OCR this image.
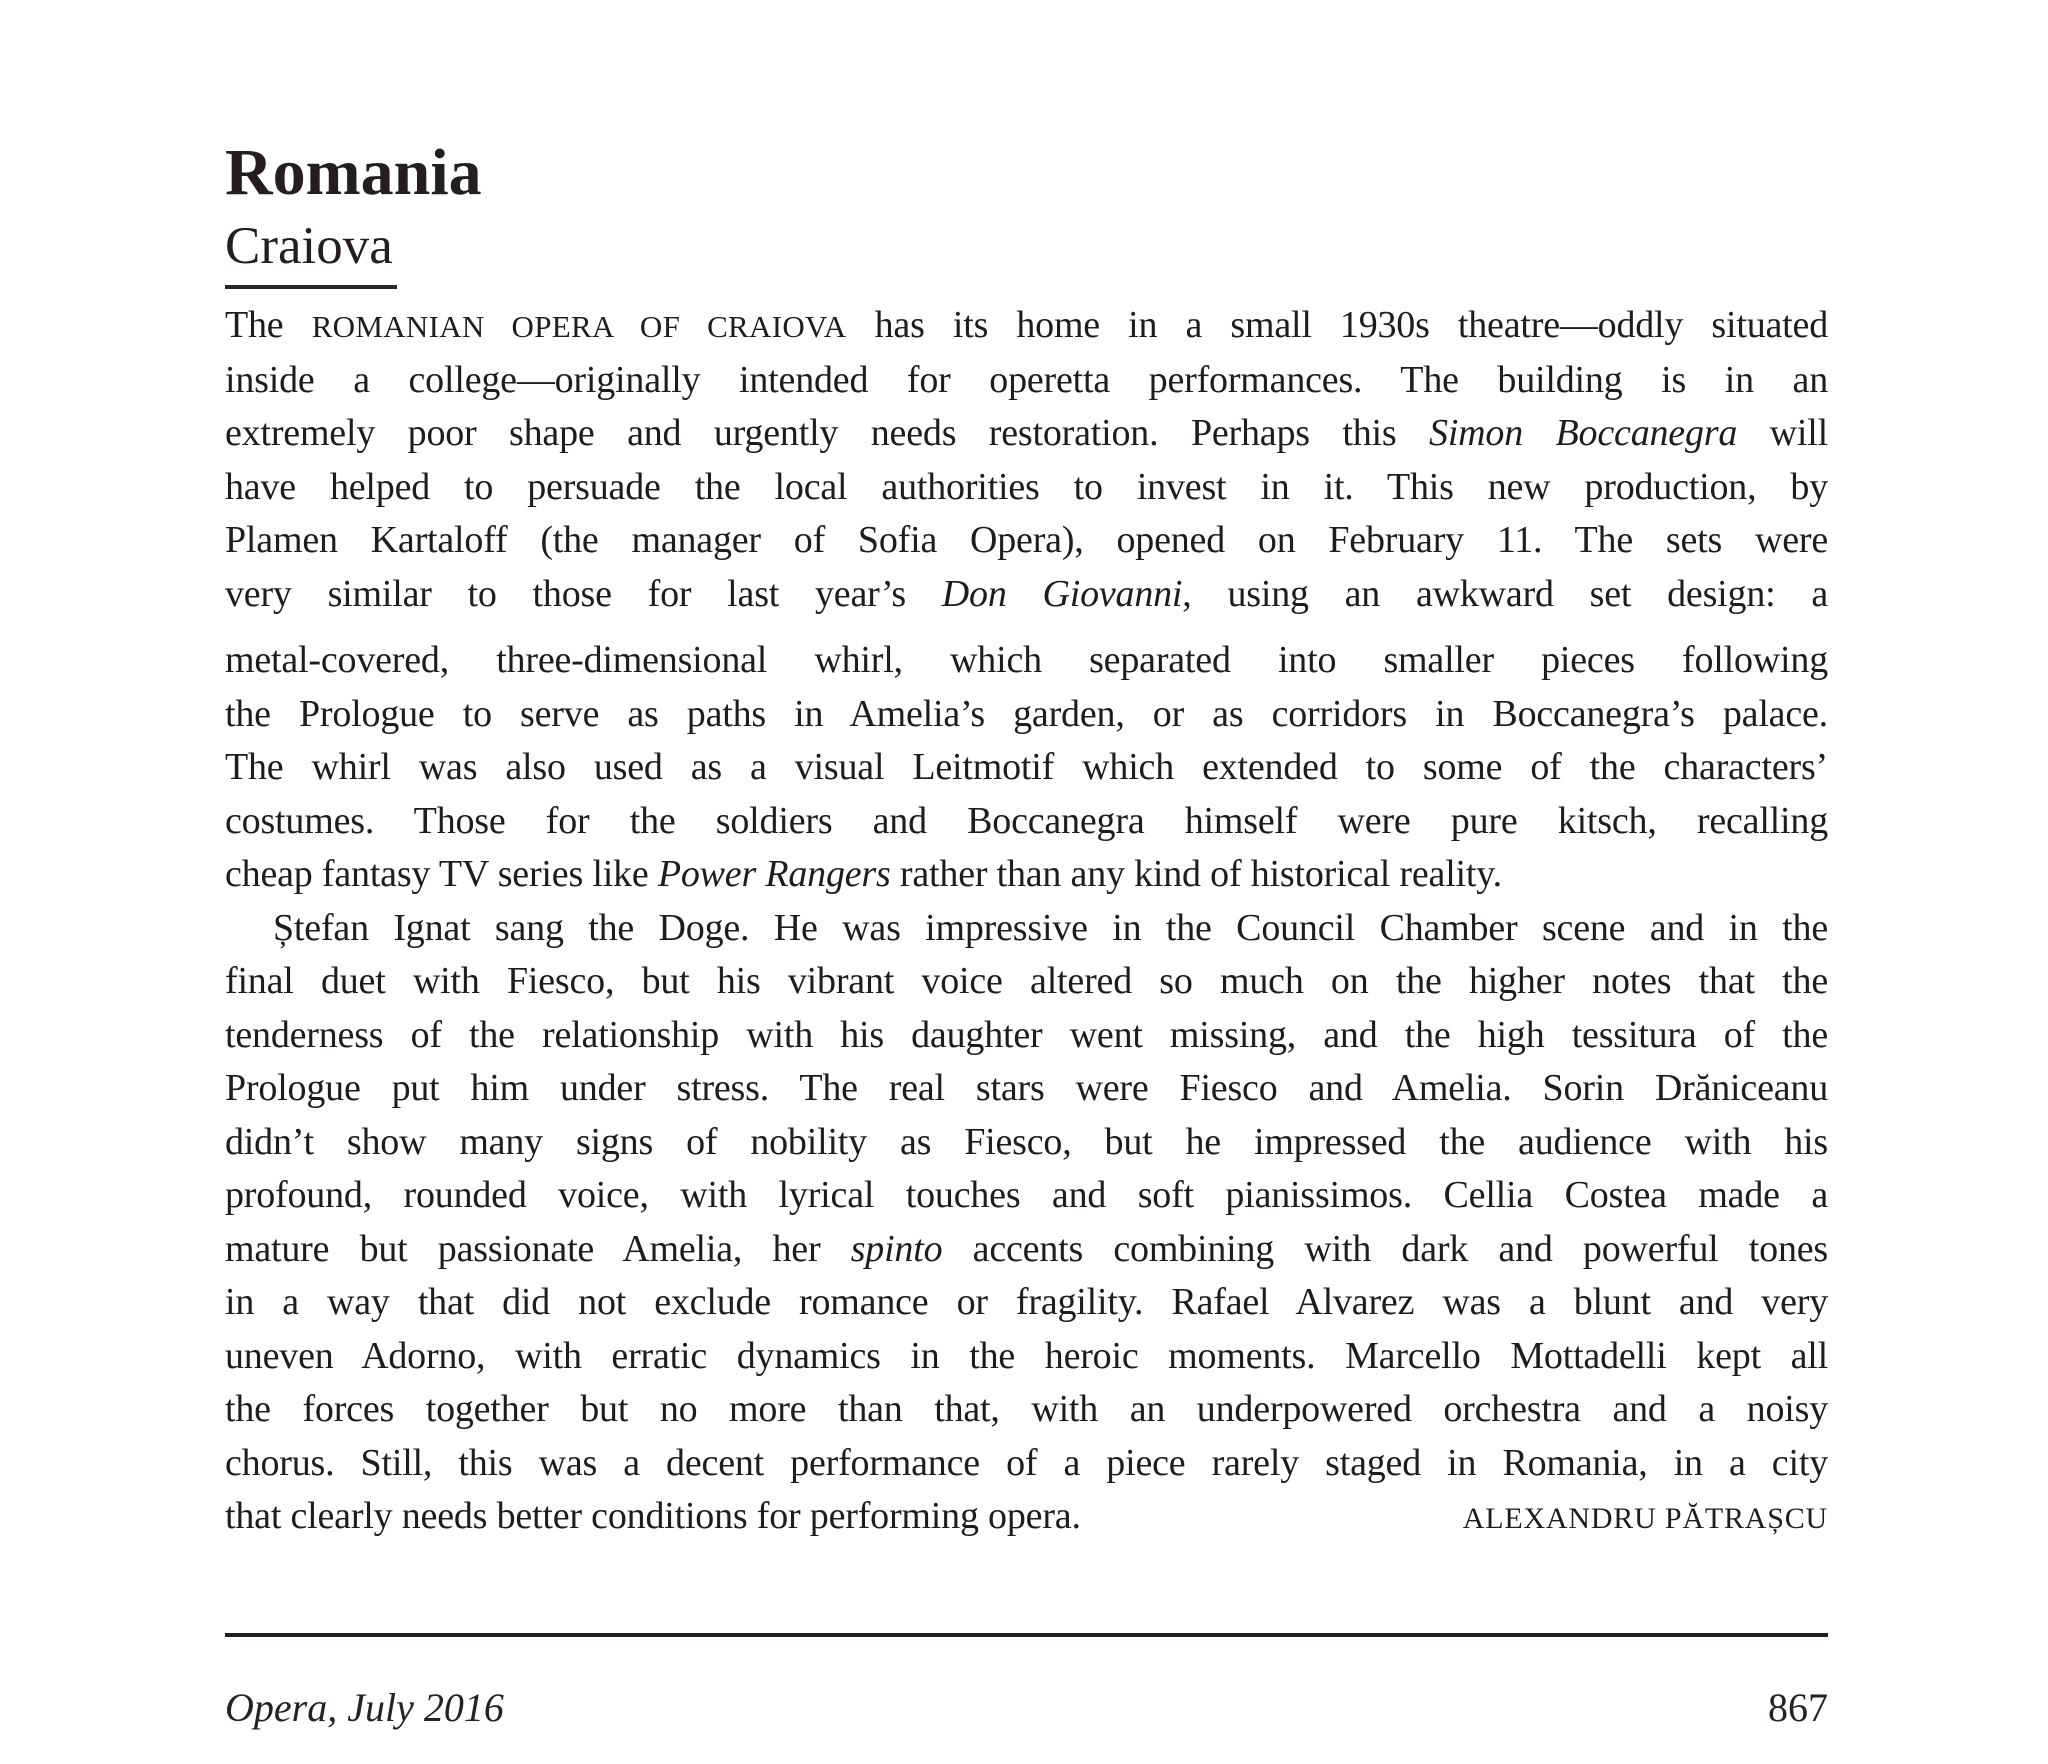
Romania
Craiova
The ROMANIAN OPERA OF CRAIOVA has its home in a small 1930s theatre—oddly situated
inside a college—originally intended for operetta performances. The building is in an
extremely poor shape and urgently needs restoration. Perhaps this Simon Boccanegra will
have helped to persuade the local authorities to invest in it. This new production, by
Plamen Kartaloff (the manager of Sofia Opera), opened on February 11. The sets were
very similar to those for last year’s Don Giovanni, using an awkward set design: a
metal-covered, three-dimensional whirl, which separated into smaller pieces following
the Prologue to serve as paths in Amelia’s garden, or as corridors in Boccanegra’s palace.
The whirl was also used as a visual Leitmotif which extended to some of the characters’
costumes. Those for the soldiers and Boccanegra himself were pure kitsch, recalling
cheap fantasy TV series like Power Rangers rather than any kind of historical reality.
Ștefan Ignat sang the Doge. He was impressive in the Council Chamber scene and in the
final duet with Fiesco, but his vibrant voice altered so much on the higher notes that the
tenderness of the relationship with his daughter went missing, and the high tessitura of the
Prologue put him under stress. The real stars were Fiesco and Amelia. Sorin Drăniceanu
didn’t show many signs of nobility as Fiesco, but he impressed the audience with his
profound, rounded voice, with lyrical touches and soft pianissimos. Cellia Costea made a
mature but passionate Amelia, her spinto accents combining with dark and powerful tones
in a way that did not exclude romance or fragility. Rafael Alvarez was a blunt and very
uneven Adorno, with erratic dynamics in the heroic moments. Marcello Mottadelli kept all
the forces together but no more than that, with an underpowered orchestra and a noisy
chorus. Still, this was a decent performance of a piece rarely staged in Romania, in a city
that clearly needs better conditions for performing opera.	ALEXANDRU PĂTRAȘCU
Opera, July 2016	867
